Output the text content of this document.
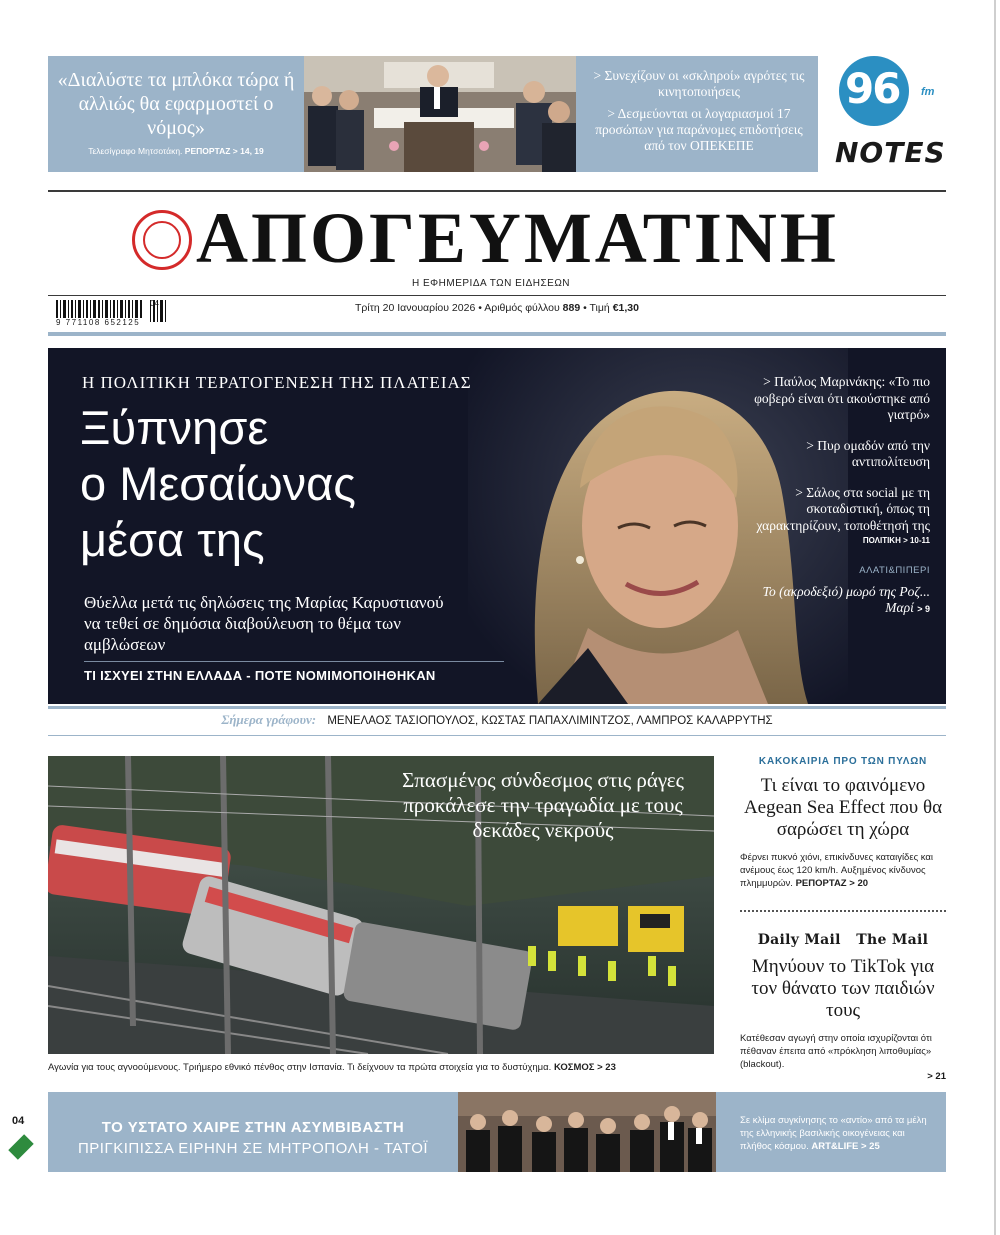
«Διαλύστε τα μπλόκα τώρα ή αλλιώς θα εφαρμοστεί ο νόμος»
Τελεσίγραφο Μητσοτάκη. ΡΕΠΟΡΤΑΖ > 14, 19
> Συνεχίζουν οι «σκληροί» αγρότες τις κινητοποιήσεις
> Δεσμεύονται οι λογαριασμοί 17 προσώπων για παράνομες επιδοτήσεις από τον ΟΠΕΚΕΠΕ
96 fm
NOTES
ΑΠΟΓΕΥΜΑΤΙΝΗ
Η ΕΦΗΜΕΡΙΔΑ ΤΩΝ ΕΙΔΗΣΕΩΝ
9 771108 652125
04	Τρίτη 20 Ιανουαρίου 2026 • Αριθμός φύλλου 889 • Τιμή €1,30
Η ΠΟΛΙΤΙΚΗ ΤΕΡΑΤΟΓΕΝΕΣΗ ΤΗΣ ΠΛΑΤΕΙΑΣ
Ξύπνησε
ο Μεσαίωνας
μέσα της
Θύελλα μετά τις δηλώσεις της Μαρίας Καρυστιανού να τεθεί σε δημόσια διαβούλευση το θέμα των αμβλώσεων
ΤΙ ΙΣΧΥΕΙ ΣΤΗΝ ΕΛΛΑΔΑ - ΠΟΤΕ ΝΟΜΙΜΟΠΟΙΗΘΗΚΑΝ
> Παύλος Μαρινάκης: «Το πιο φοβερό είναι ότι ακούστηκε από γιατρό»
> Πυρ ομαδόν από την αντιπολίτευση
> Σάλος στα social με τη σκοταδιστική, όπως τη χαρακτηρίζουν, τοποθέτησή της
ΠΟΛΙΤΙΚΗ > 10-11
ΑΛΑΤΙ&ΠΙΠΕΡΙ
Το (ακροδεξιό) μωρό της Ροζ... Μαρί > 9
Σήμερα γράφουν: ΜΕΝΕΛΑΟΣ ΤΑΣΙΟΠΟΥΛΟΣ, ΚΩΣΤΑΣ ΠΑΠΑΧΛΙΜΙΝΤΖΟΣ, ΛΑΜΠΡΟΣ ΚΑΛΑΡΡΥΤΗΣ
Σπασμένος σύνδεσμος στις ράγες προκάλεσε την τραγωδία με τους δεκάδες νεκρούς
Αγωνία για τους αγνοούμενους. Τριήμερο εθνικό πένθος στην Ισπανία. Τι δείχνουν τα πρώτα στοιχεία για το δυστύχημα. ΚΟΣΜΟΣ > 23
ΚΑΚΟΚΑΙΡΙΑ ΠΡΟ ΤΩΝ ΠΥΛΩΝ
Τι είναι το φαινόμενο Aegean Sea Effect που θα σαρώσει τη χώρα
Φέρνει πυκνό χιόνι, επικίνδυνες καταιγίδες και ανέμους έως 120 km/h. Αυξημένος κίνδυνος πλημμυρών. ΡΕΠΟΡΤΑΖ > 20
Daily Mail The Mail
Μηνύουν το TikTok για τον θάνατο των παιδιών τους
Κατέθεσαν αγωγή στην οποία ισχυρίζονται ότι πέθαναν έπειτα από «πρόκληση λιποθυμίας» (blackout).
> 21
04	ΤΟ ΥΣΤΑΤΟ ΧΑΙΡΕ ΣΤΗΝ ΑΣΥΜΒΙΒΑΣΤΗ
ΠΡΙΓΚΙΠΙΣΣΑ ΕΙΡΗΝΗ ΣΕ ΜΗΤΡΟΠΟΛΗ - ΤΑΤΟΪ
Σε κλίμα συγκίνησης το «αντίο» από τα μέλη της ελληνικής βασιλικής οικογένειας και πλήθος κόσμου. ART&LIFE > 25
